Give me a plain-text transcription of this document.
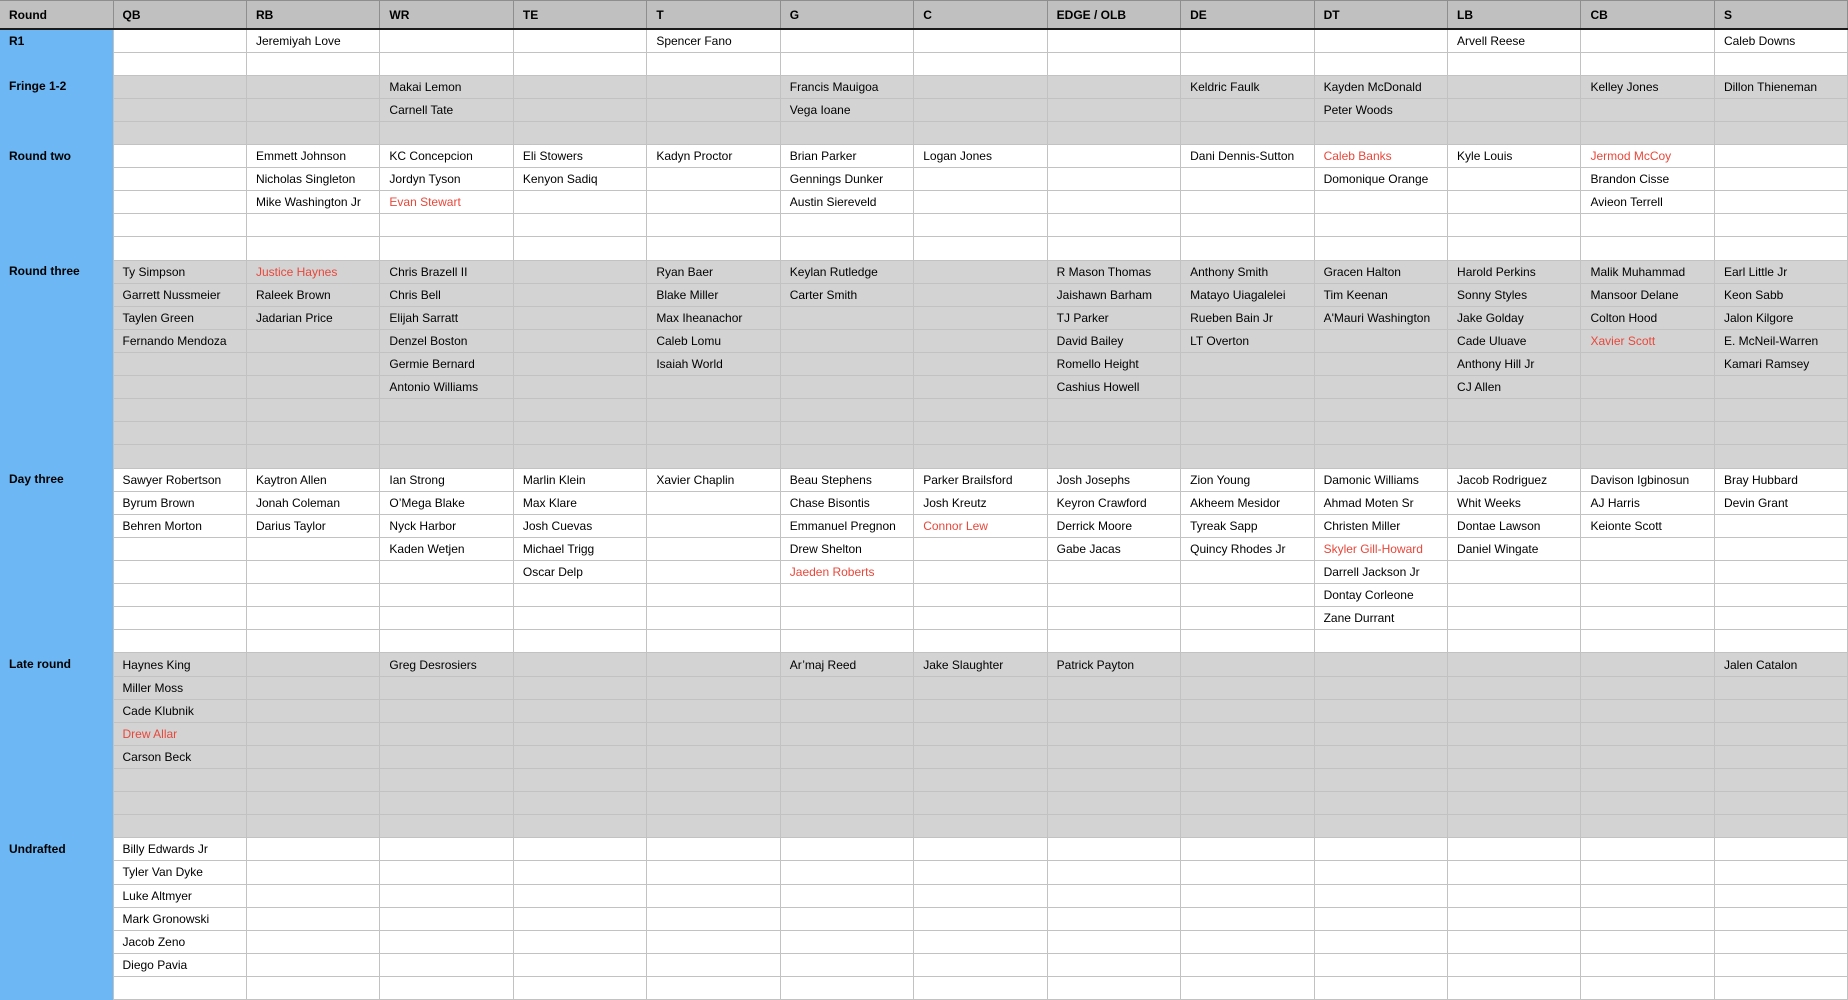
Round	QB	RB	WR	TE	T	G	C	EDGE / OLB	DE	DT	LB	CB	S

R1		Jeremiyah Love			Spencer Fano						Arvell Reese		Caleb Downs

Fringe 1-2			Makai Lemon			Francis Mauigoa			Keldric Faulk	Kayden McDonald		Kelley Jones	Dillon Thieneman
			Carnell Tate			Vega Ioane				Peter Woods			

Round two		Emmett Johnson	KC Concepcion	Eli Stowers	Kadyn Proctor	Brian Parker	Logan Jones		Dani Dennis-Sutton	Caleb Banks	Kyle Louis	Jermod McCoy	
		Nicholas Singleton	Jordyn Tyson	Kenyon Sadiq		Gennings Dunker				Domonique Orange		Brandon Cisse	
		Mike Washington Jr	Evan Stewart			Austin Siereveld						Avieon Terrell	

Round three	Ty Simpson	Justice Haynes	Chris Brazell II		Ryan Baer	Keylan Rutledge		R Mason Thomas	Anthony Smith	Gracen Halton	Harold Perkins	Malik Muhammad	Earl Little Jr
	Garrett Nussmeier	Raleek Brown	Chris Bell		Blake Miller	Carter Smith		Jaishawn Barham	Matayo Uiagalelei	Tim Keenan	Sonny Styles	Mansoor Delane	Keon Sabb
	Taylen Green	Jadarian Price	Elijah Sarratt		Max Iheanachor			TJ Parker	Rueben Bain Jr	A'Mauri Washington	Jake Golday	Colton Hood	Jalon Kilgore
	Fernando Mendoza		Denzel Boston		Caleb Lomu			David Bailey	LT Overton		Cade Uluave	Xavier Scott	E. McNeil-Warren
			Germie Bernard		Isaiah World			Romello Height			Anthony Hill Jr		Kamari Ramsey
			Antonio Williams					Cashius Howell			CJ Allen		

Day three	Sawyer Robertson	Kaytron Allen	Ian Strong	Marlin Klein	Xavier Chaplin	Beau Stephens	Parker Brailsford	Josh Josephs	Zion Young	Damonic Williams	Jacob Rodriguez	Davison Igbinosun	Bray Hubbard
	Byrum Brown	Jonah Coleman	O’Mega Blake	Max Klare		Chase Bisontis	Josh Kreutz	Keyron Crawford	Akheem Mesidor	Ahmad Moten Sr	Whit Weeks	AJ Harris	Devin Grant
	Behren Morton	Darius Taylor	Nyck Harbor	Josh Cuevas		Emmanuel Pregnon	Connor Lew	Derrick Moore	Tyreak Sapp	Christen Miller	Dontae Lawson	Keionte Scott	
			Kaden Wetjen	Michael Trigg		Drew Shelton		Gabe Jacas	Quincy Rhodes Jr	Skyler Gill-Howard	Daniel Wingate		
				Oscar Delp		Jaeden Roberts				Darrell Jackson Jr			
										Dontay Corleone			
										Zane Durrant			

Late round	Haynes King		Greg Desrosiers			Ar’maj Reed	Jake Slaughter	Patrick Payton					Jalen Catalon
	Miller Moss												
	Cade Klubnik												
	Drew Allar												
	Carson Beck												

Undrafted	Billy Edwards Jr												
	Tyler Van Dyke												
	Luke Altmyer												
	Mark Gronowski												
	Jacob Zeno												
	Diego Pavia												
